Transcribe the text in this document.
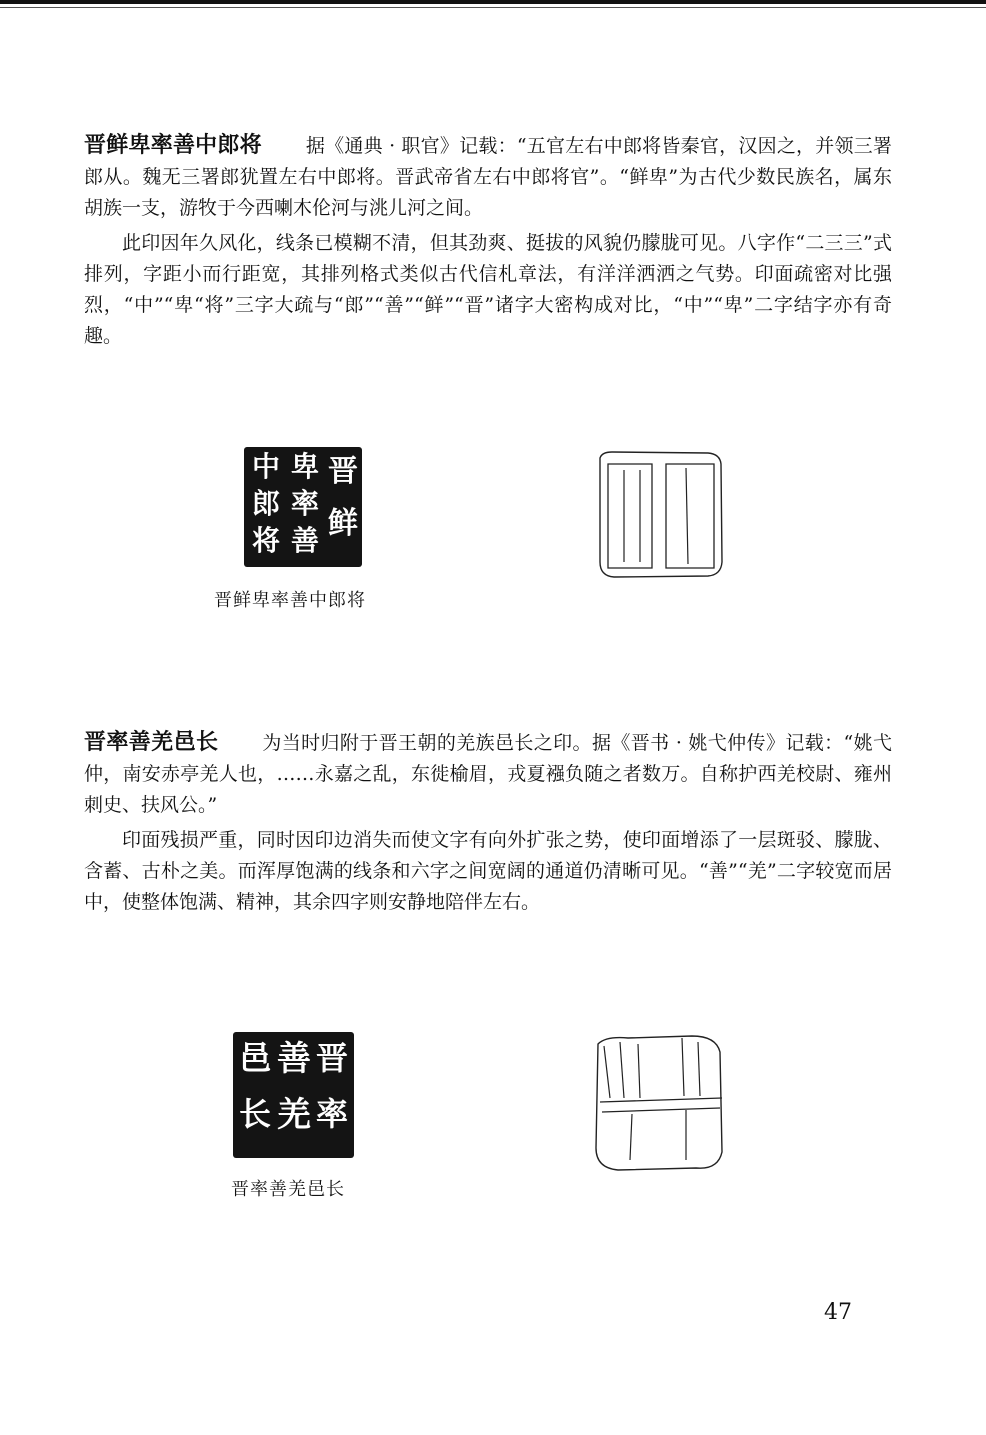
晋鲜卑率善中郎将 据《通典 · 职官》记载：“五官左右中郎将皆秦官，汉因之，并领三署郎从。魏无三署郎犹置左右中郎将。晋武帝省左右中郎将官”。“鲜卑”为古代少数民族名，属东胡族一支，游牧于今西喇木伦河与洮儿河之间。

此印因年久风化，线条已模糊不清，但其劲爽、挺拔的风貌仍朦胧可见。八字作“二三三”式排列，字距小而行距宽，其排列格式类似古代信札章法，有洋洋洒洒之气势。印面疏密对比强烈，“中”“卑“将”三字大疏与“郎”“善”“鲜”“晋”诸字大密构成对比，“中”“卑”二字结字亦有奇趣。

晋
鲜
卑
率
善
中
郎
将
晋鲜卑率善中郎将

晋率善羌邑长 为当时归附于晋王朝的羌族邑长之印。据《晋书 · 姚弋仲传》记载：“姚弋仲，南安赤亭羌人也，……永嘉之乱，东徙榆眉，戎夏襁负随之者数万。自称护西羌校尉、雍州刺史、扶风公。”

印面残损严重，同时因印边消失而使文字有向外扩张之势，使印面增添了一层斑驳、朦胧、含蓄、古朴之美。而浑厚饱满的线条和六字之间宽阔的通道仍清晰可见。“善”“羌”二字较宽而居中，使整体饱满、精神，其余四字则安静地陪伴左右。

晋
率
善
羌
邑
长
晋率善羌邑长
47
